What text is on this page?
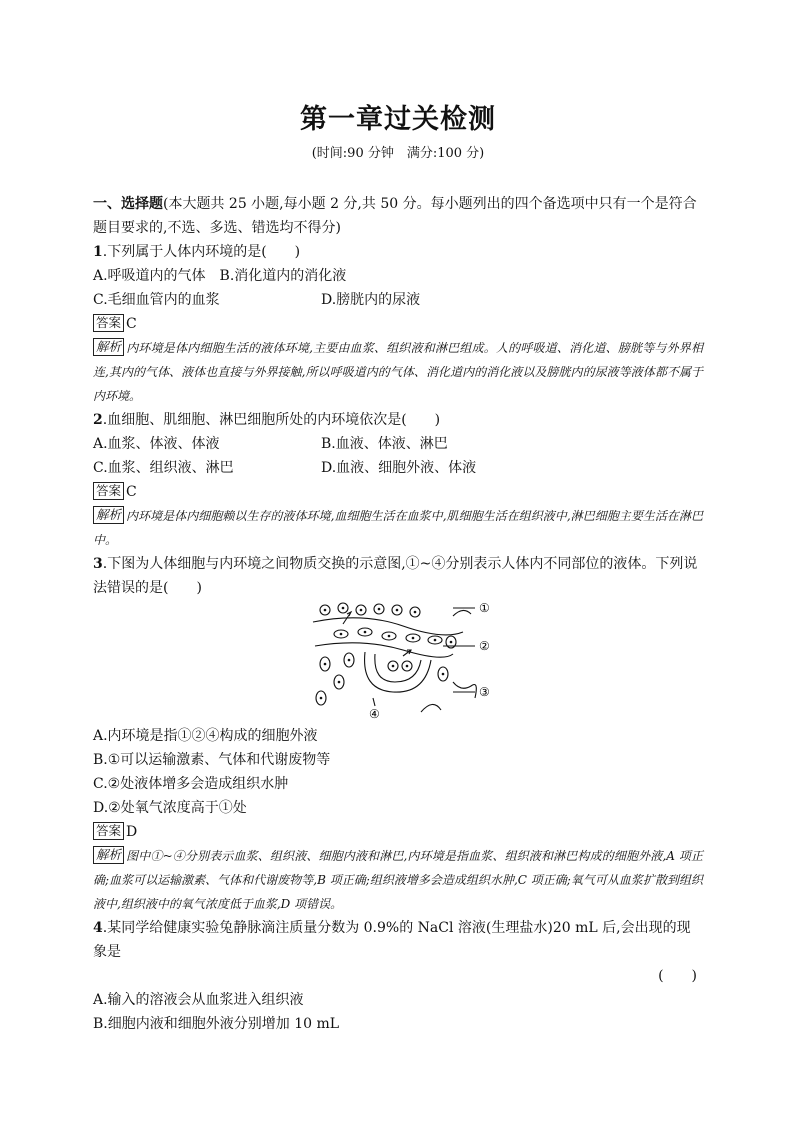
第一章过关检测
(时间:90 分钟　满分:100 分)
一、选择题(本大题共 25 小题,每小题 2 分,共 50 分。每小题列出的四个备选项中只有一个是符合题目要求的,不选、多选、错选均不得分)
1.下列属于人体内环境的是(　　)
A.呼吸道内的气体　B.消化道内的消化液
C.毛细血管内的血浆	D.膀胱内的尿液
答案 C
解析 内环境是体内细胞生活的液体环境,主要由血浆、组织液和淋巴组成。人的呼吸道、消化道、膀胱等与外界相连,其内的气体、液体也直接与外界接触,所以呼吸道内的气体、消化道内的消化液以及膀胱内的尿液等液体都不属于内环境。
2.血细胞、肌细胞、淋巴细胞所处的内环境依次是(　　)
A.血浆、体液、体液	B.血液、体液、淋巴
C.血浆、组织液、淋巴	D.血液、细胞外液、体液
答案 C
解析 内环境是体内细胞赖以生存的液体环境,血细胞生活在血浆中,肌细胞生活在组织液中,淋巴细胞主要生活在淋巴中。
3.下图为人体细胞与内环境之间物质交换的示意图,①~④分别表示人体内不同部位的液体。下列说法错误的是(　　)
①
②
③
④
A.内环境是指①②④构成的细胞外液
B.①可以运输激素、气体和代谢废物等
C.②处液体增多会造成组织水肿
D.②处氧气浓度高于①处
答案 D
解析 图中①~④分别表示血浆、组织液、细胞内液和淋巴,内环境是指血浆、组织液和淋巴构成的细胞外液,A 项正确;血浆可以运输激素、气体和代谢废物等,B 项正确;组织液增多会造成组织水肿,C 项正确;氧气可从血浆扩散到组织液中,组织液中的氧气浓度低于血浆,D 项错误。
4.某同学给健康实验兔静脉滴注质量分数为 0.9%的 NaCl 溶液(生理盐水)20 mL 后,会出现的现象是
(　　)
A.输入的溶液会从血浆进入组织液
B.细胞内液和细胞外液分别增加 10 mL
